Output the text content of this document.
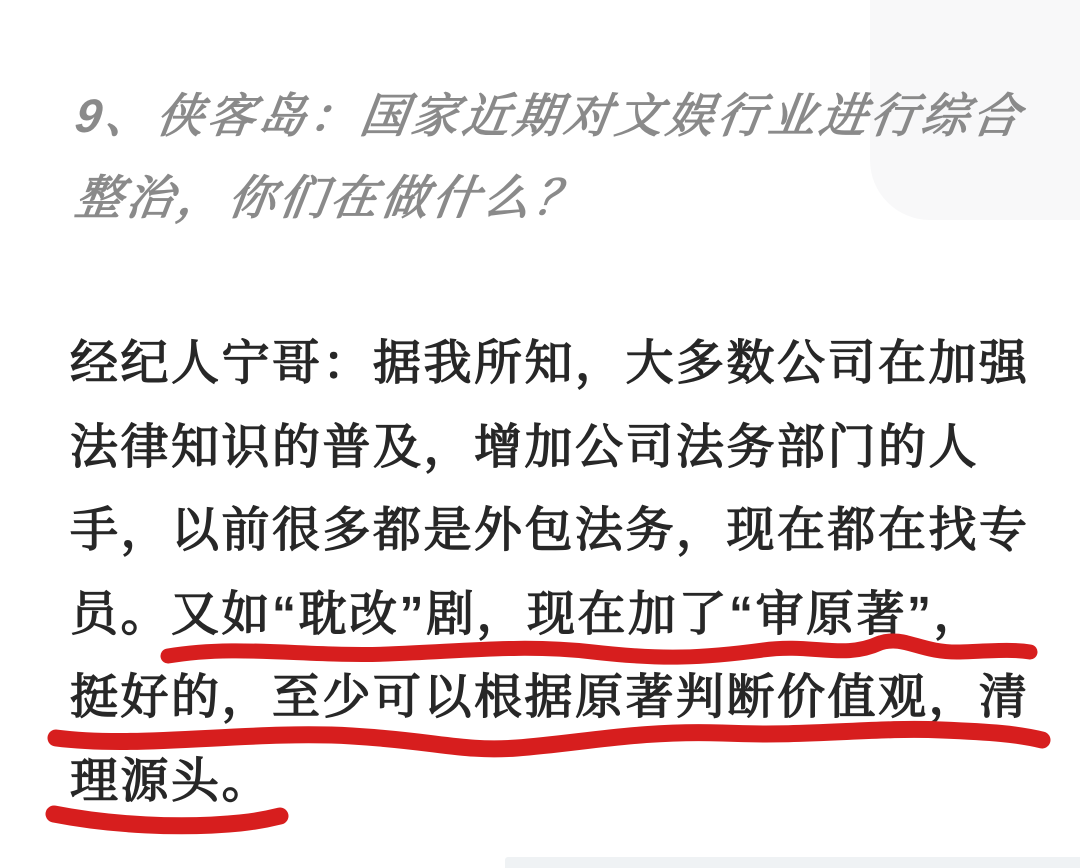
9、侠客岛：国家近期对文娱行业进行综合
整治，你们在做什么？
经纪人宁哥：据我所知，大多数公司在加强
法律知识的普及，增加公司法务部门的人
手，以前很多都是外包法务，现在都在找专
员。又如“耽改”剧，现在加了“审原著”，
挺好的，至少可以根据原著判断价值观，清
理源头。
